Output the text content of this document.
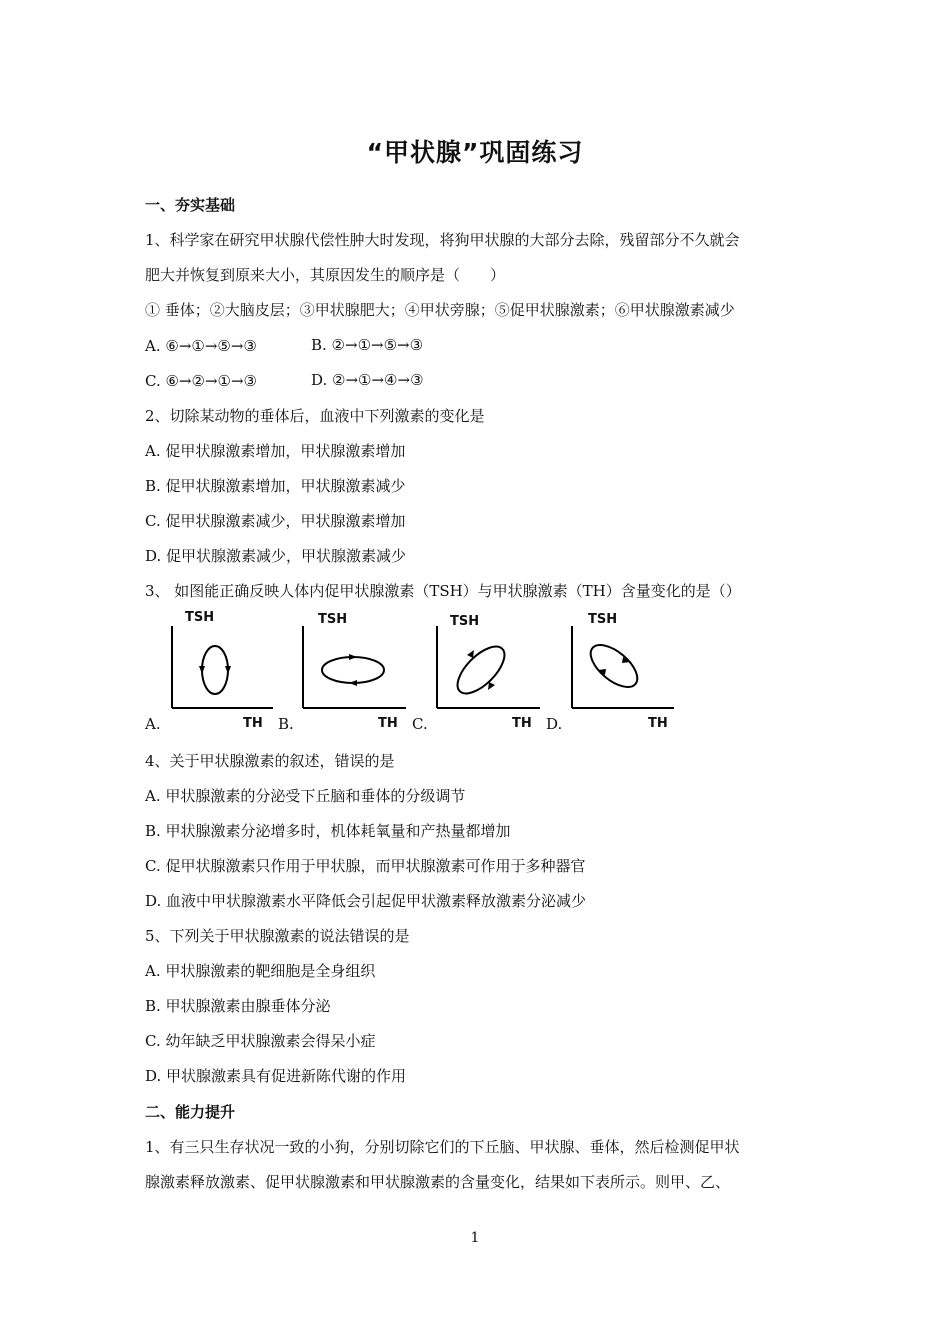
“甲状腺”巩固练习
一、夯实基础
1、科学家在研究甲状腺代偿性肿大时发现，将狗甲状腺的大部分去除，残留部分不久就会
肥大并恢复到原来大小，其原因发生的顺序是（　　）
① 垂体；②大脑皮层；③甲状腺肥大；④甲状旁腺；⑤促甲状腺激素；⑥甲状腺激素减少
A. ⑥→①→⑤→③	B. ②→①→⑤→③
C. ⑥→②→①→③	D. ②→①→④→③
2、切除某动物的垂体后，血液中下列激素的变化是
A. 促甲状腺激素增加，甲状腺激素增加
B. 促甲状腺激素增加，甲状腺激素减少
C. 促甲状腺激素减少，甲状腺激素增加
D. 促甲状腺激素减少，甲状腺激素减少
3、 如图能正确反映人体内促甲状腺激素（TSH）与甲状腺激素（TH）含量变化的是（）
TSH
TH
A.
TSH
TH
B.
TSH
TH
C.
TSH
TH
D.
4、关于甲状腺激素的叙述，错误的是
A. 甲状腺激素的分泌受下丘脑和垂体的分级调节
B. 甲状腺激素分泌增多时，机体耗氧量和产热量都增加
C. 促甲状腺激素只作用于甲状腺，而甲状腺激素可作用于多种器官
D. 血液中甲状腺激素水平降低会引起促甲状激素释放激素分泌减少
5、下列关于甲状腺激素的说法错误的是
A. 甲状腺激素的靶细胞是全身组织
B. 甲状腺激素由腺垂体分泌
C. 幼年缺乏甲状腺激素会得呆小症
D. 甲状腺激素具有促进新陈代谢的作用
二、能力提升
1、有三只生存状况一致的小狗，分别切除它们的下丘脑、甲状腺、垂体，然后检测促甲状
腺激素释放激素、促甲状腺激素和甲状腺激素的含量变化，结果如下表所示。则甲、乙、
1
